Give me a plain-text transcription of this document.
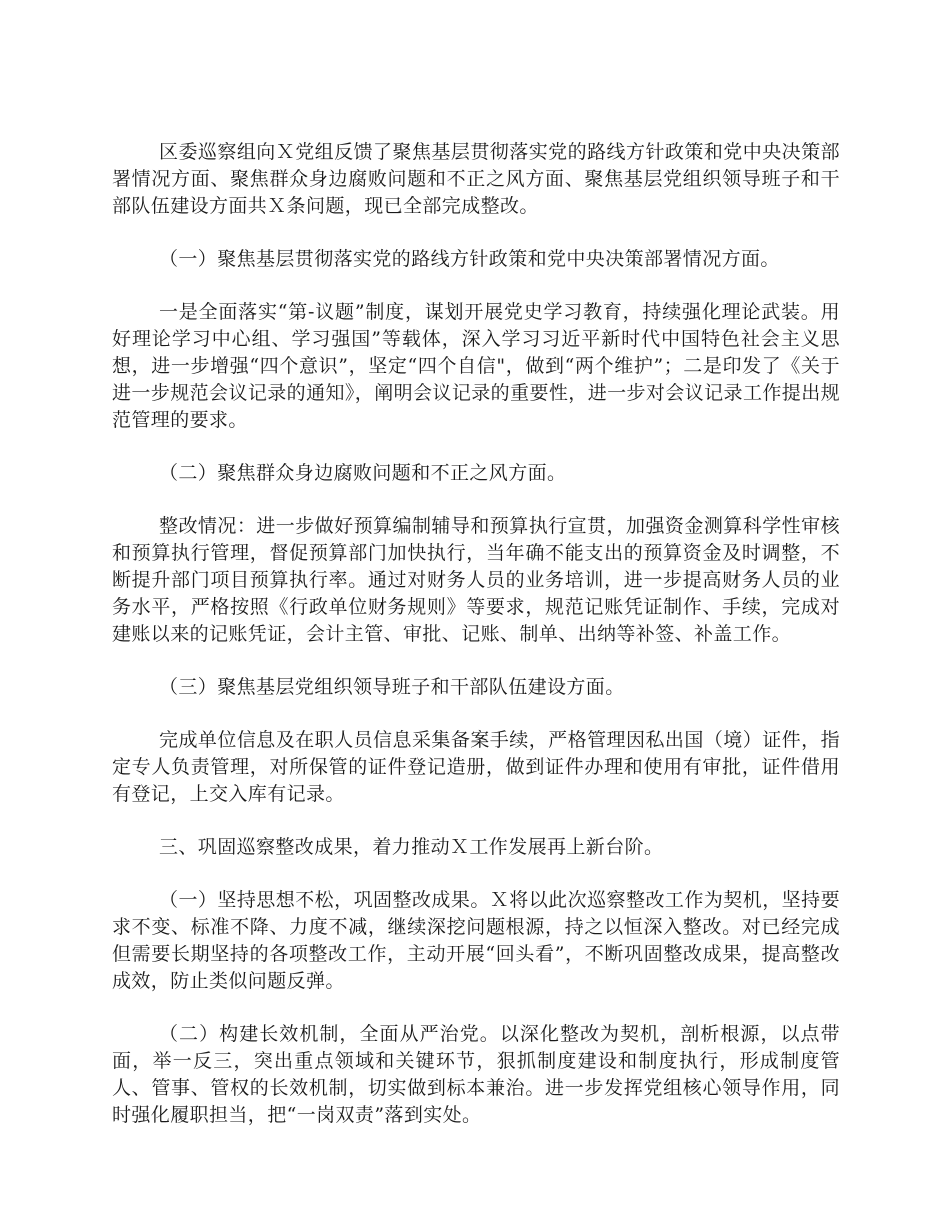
区委巡察组向Ｘ党组反馈了聚焦基层贯彻落实党的路线方针政策和党中央决策部署情况方面、聚焦群众身边腐败问题和不正之风方面、聚焦基层党组织领导班子和干部队伍建设方面共Ｘ条问题，现已全部完成整改。

（一）聚焦基层贯彻落实党的路线方针政策和党中央决策部署情况方面。

一是全面落实“第-议题”制度，谋划开展党史学习教育，持续强化理论武装。用好理论学习中心组、学习强国”等载体，深入学习习近平新时代中国特色社会主义思想，进一步增强“四个意识”，坚定“四个自信"，做到“两个维护”；二是印发了《关于进一步规范会议记录的通知》，阐明会议记录的重要性，进一步对会议记录工作提出规范管理的要求。

（二）聚焦群众身边腐败问题和不正之风方面。

整改情况：进一步做好预算编制辅导和预算执行宣贯，加强资金测算科学性审核和预算执行管理，督促预算部门加快执行，当年确不能支出的预算资金及时调整，不断提升部门项目预算执行率。通过对财务人员的业务培训，进一步提高财务人员的业务水平，严格按照《行政单位财务规则》等要求，规范记账凭证制作、手续，完成对建账以来的记账凭证，会计主管、审批、记账、制单、出纳等补签、补盖工作。

（三）聚焦基层党组织领导班子和干部队伍建设方面。

完成单位信息及在职人员信息采集备案手续，严格管理因私出国（境）证件，指定专人负责管理，对所保管的证件登记造册，做到证件办理和使用有审批，证件借用有登记，上交入库有记录。

三、巩固巡察整改成果，着力推动Ｘ工作发展再上新台阶。

（一）坚持思想不松，巩固整改成果。Ｘ将以此次巡察整改工作为契机，坚持要求不变、标准不降、力度不减，继续深挖问题根源，持之以恒深入整改。对已经完成但需要长期坚持的各项整改工作，主动开展“回头看”，不断巩固整改成果，提高整改成效，防止类似问题反弹。

（二）构建长效机制，全面从严治党。以深化整改为契机，剖析根源，以点带面，举一反三，突出重点领域和关键环节，狠抓制度建设和制度执行，形成制度管人、管事、管权的长效机制，切实做到标本兼治。进一步发挥党组核心领导作用，同时强化履职担当，把“一岗双责”落到实处。
